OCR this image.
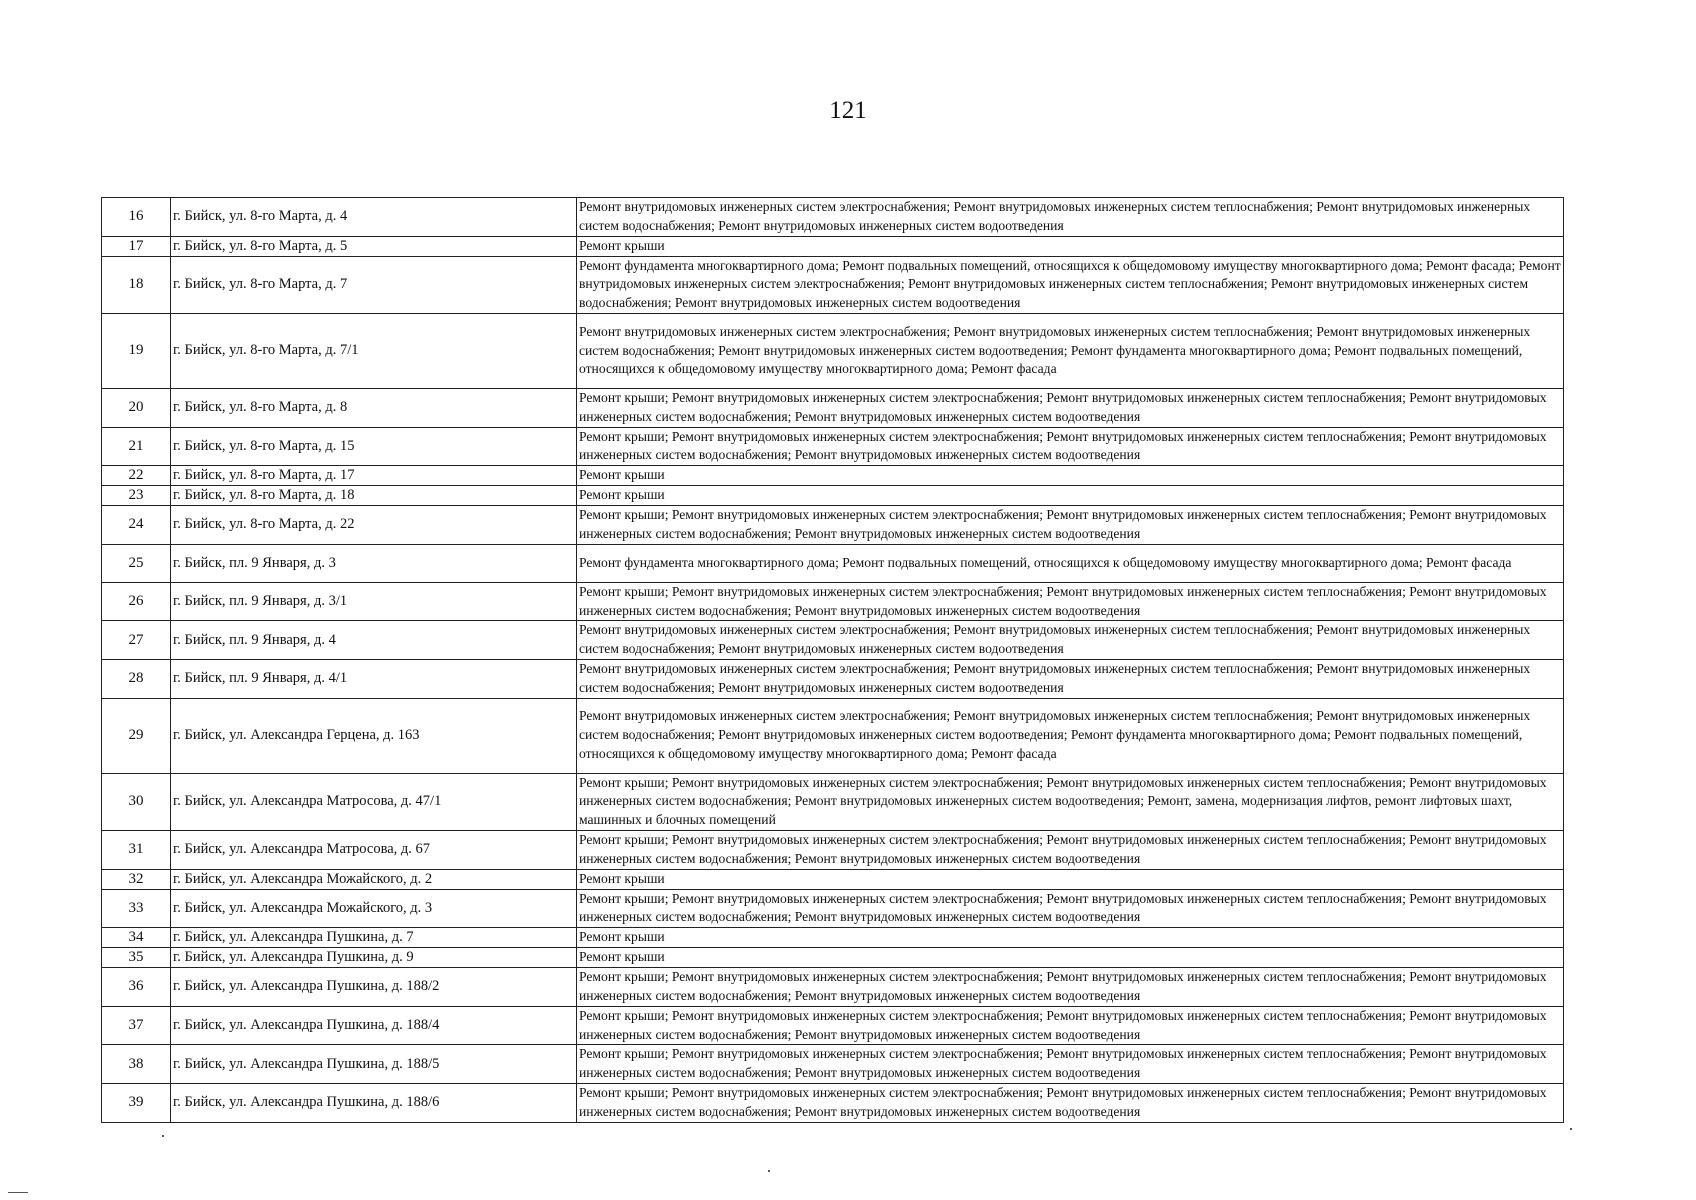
121
16	г. Бийск, ул. 8-го Марта, д. 4	Ремонт внутридомовых инженерных систем электроснабжения; Ремонт внутридомовых инженерных систем теплоснабжения; Ремонт внутридомовых инженерных систем водоснабжения; Ремонт внутридомовых инженерных систем водоотведения
17	г. Бийск, ул. 8-го Марта, д. 5	Ремонт крыши
18	г. Бийск, ул. 8-го Марта, д. 7	Ремонт фундамента многоквартирного дома; Ремонт подвальных помещений, относящихся к общедомовому имуществу многоквартирного дома; Ремонт фасада; Ремонт внутридомовых инженерных систем электроснабжения; Ремонт внутридомовых инженерных систем теплоснабжения; Ремонт внутридомовых инженерных систем водоснабжения; Ремонт внутридомовых инженерных систем водоотведения
19	г. Бийск, ул. 8-го Марта, д. 7/1	Ремонт внутридомовых инженерных систем электроснабжения; Ремонт внутридомовых инженерных систем теплоснабжения; Ремонт внутридомовых инженерных систем водоснабжения; Ремонт внутридомовых инженерных систем водоотведения; Ремонт фундамента многоквартирного дома; Ремонт подвальных помещений, относящихся к общедомовому имуществу многоквартирного дома; Ремонт фасада
20	г. Бийск, ул. 8-го Марта, д. 8	Ремонт крыши; Ремонт внутридомовых инженерных систем электроснабжения; Ремонт внутридомовых инженерных систем теплоснабжения; Ремонт внутридомовых инженерных систем водоснабжения; Ремонт внутридомовых инженерных систем водоотведения
21	г. Бийск, ул. 8-го Марта, д. 15	Ремонт крыши; Ремонт внутридомовых инженерных систем электроснабжения; Ремонт внутридомовых инженерных систем теплоснабжения; Ремонт внутридомовых инженерных систем водоснабжения; Ремонт внутридомовых инженерных систем водоотведения
22	г. Бийск, ул. 8-го Марта, д. 17	Ремонт крыши
23	г. Бийск, ул. 8-го Марта, д. 18	Ремонт крыши
24	г. Бийск, ул. 8-го Марта, д. 22	Ремонт крыши; Ремонт внутридомовых инженерных систем электроснабжения; Ремонт внутридомовых инженерных систем теплоснабжения; Ремонт внутридомовых инженерных систем водоснабжения; Ремонт внутридомовых инженерных систем водоотведения
25	г. Бийск, пл. 9 Января, д. 3	Ремонт фундамента многоквартирного дома; Ремонт подвальных помещений, относящихся к общедомовому имуществу многоквартирного дома; Ремонт фасада
26	г. Бийск, пл. 9 Января, д. 3/1	Ремонт крыши; Ремонт внутридомовых инженерных систем электроснабжения; Ремонт внутридомовых инженерных систем теплоснабжения; Ремонт внутридомовых инженерных систем водоснабжения; Ремонт внутридомовых инженерных систем водоотведения
27	г. Бийск, пл. 9 Января, д. 4	Ремонт внутридомовых инженерных систем электроснабжения; Ремонт внутридомовых инженерных систем теплоснабжения; Ремонт внутридомовых инженерных систем водоснабжения; Ремонт внутридомовых инженерных систем водоотведения
28	г. Бийск, пл. 9 Января, д. 4/1	Ремонт внутридомовых инженерных систем электроснабжения; Ремонт внутридомовых инженерных систем теплоснабжения; Ремонт внутридомовых инженерных систем водоснабжения; Ремонт внутридомовых инженерных систем водоотведения
29	г. Бийск, ул. Александра Герцена, д. 163	Ремонт внутридомовых инженерных систем электроснабжения; Ремонт внутридомовых инженерных систем теплоснабжения; Ремонт внутридомовых инженерных систем водоснабжения; Ремонт внутридомовых инженерных систем водоотведения; Ремонт фундамента многоквартирного дома; Ремонт подвальных помещений, относящихся к общедомовому имуществу многоквартирного дома; Ремонт фасада
30	г. Бийск, ул. Александра Матросова, д. 47/1	Ремонт крыши; Ремонт внутридомовых инженерных систем электроснабжения; Ремонт внутридомовых инженерных систем теплоснабжения; Ремонт внутридомовых инженерных систем водоснабжения; Ремонт внутридомовых инженерных систем водоотведения; Ремонт, замена, модернизация лифтов, ремонт лифтовых шахт, машинных и блочных помещений
31	г. Бийск, ул. Александра Матросова, д. 67	Ремонт крыши; Ремонт внутридомовых инженерных систем электроснабжения; Ремонт внутридомовых инженерных систем теплоснабжения; Ремонт внутридомовых инженерных систем водоснабжения; Ремонт внутридомовых инженерных систем водоотведения
32	г. Бийск, ул. Александра Можайского, д. 2	Ремонт крыши
33	г. Бийск, ул. Александра Можайского, д. 3	Ремонт крыши; Ремонт внутридомовых инженерных систем электроснабжения; Ремонт внутридомовых инженерных систем теплоснабжения; Ремонт внутридомовых инженерных систем водоснабжения; Ремонт внутридомовых инженерных систем водоотведения
34	г. Бийск, ул. Александра Пушкина, д. 7	Ремонт крыши
35	г. Бийск, ул. Александра Пушкина, д. 9	Ремонт крыши
36	г. Бийск, ул. Александра Пушкина, д. 188/2	Ремонт крыши; Ремонт внутридомовых инженерных систем электроснабжения; Ремонт внутридомовых инженерных систем теплоснабжения; Ремонт внутридомовых инженерных систем водоснабжения; Ремонт внутридомовых инженерных систем водоотведения
37	г. Бийск, ул. Александра Пушкина, д. 188/4	Ремонт крыши; Ремонт внутридомовых инженерных систем электроснабжения; Ремонт внутридомовых инженерных систем теплоснабжения; Ремонт внутридомовых инженерных систем водоснабжения; Ремонт внутридомовых инженерных систем водоотведения
38	г. Бийск, ул. Александра Пушкина, д. 188/5	Ремонт крыши; Ремонт внутридомовых инженерных систем электроснабжения; Ремонт внутридомовых инженерных систем теплоснабжения; Ремонт внутридомовых инженерных систем водоснабжения; Ремонт внутридомовых инженерных систем водоотведения
39	г. Бийск, ул. Александра Пушкина, д. 188/6	Ремонт крыши; Ремонт внутридомовых инженерных систем электроснабжения; Ремонт внутридомовых инженерных систем теплоснабжения; Ремонт внутридомовых инженерных систем водоснабжения; Ремонт внутридомовых инженерных систем водоотведения
